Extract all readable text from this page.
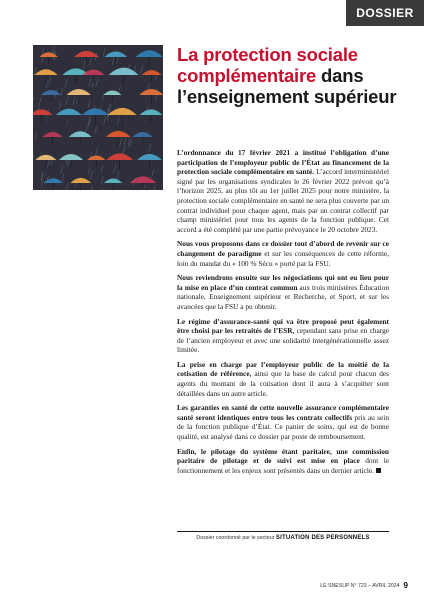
DOSSIER
La protection sociale complémentaire dans l’enseignement supérieur

L’ordonnance du 17 février 2021 a institué l’obligation d’une participation de l’employeur public de l’État au financement de la protection sociale complémentaire en santé. L’accord interministériel signé par les organisations syndicales le 26 février 2022 prévoit qu’à l’horizon 2025, au plus tôt au 1er juillet 2025 pour notre ministère, la protection sociale complémentaire en santé ne sera plus couverte par un contrat individuel pour chaque agent, mais par un contrat collectif par champ ministériel pour tous les agents de la fonction publique. Cet accord a été complété par une partie prévoyance le 20 octobre 2023.

Nous vous proposons dans ce dossier tout d’abord de revenir sur ce changement de paradigme et sur les conséquences de cette réforme, loin du mandat du « 100 % Sécu » porté par la FSU.

Nous reviendrons ensuite sur les négociations qui ont eu lieu pour la mise en place d’un contrat commun aux trois ministères Éducation nationale, Enseignement supérieur et Recherche, et Sport, et sur les avancées que la FSU a pu obtenir.

Le régime d’assurance-santé qui va être proposé peut également être choisi par les retraités de l’ESR, cependant sans prise en charge de l’ancien employeur et avec une solidarité intergénérationnelle assez limitée.

La prise en charge par l’employeur public de la moitié de la cotisation de référence, ainsi que la base de calcul pour chacun des agents du montant de la cotisation dont il aura à s’acquitter sont détaillées dans un autre article.

Les garanties en santé de cette nouvelle assurance complémentaire santé seront identiques entre tous les contrats collectifs pris au sein de la fonction publique d’État. Ce panier de soins, qui est de bonne qualité, est analysé dans ce dossier par poste de remboursement.

Enfin, le pilotage du système étant paritaire, une commission paritaire de pilotage et de suivi est mise en place dont le fonctionnement et les enjeux sont présentés dans un dernier article.

Dossier coordonné par le secteur SITUATION DES PERSONNELS
LE SNESUP N° 723 – AVRIL 2024 9
